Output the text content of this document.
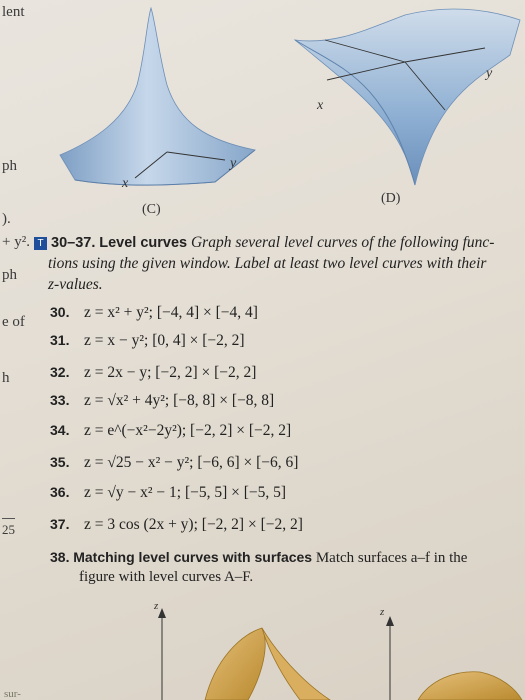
lent
ph
).
+ y².
ph
e of
h
25
sur-
y
x
(C)
y
x
(D)
T 30–37. Level curves Graph several level curves of the following func-
tions using the given window. Label at least two level curves with their
z-values.
30. z = x² + y²; [−4, 4] × [−4, 4]
31. z = x − y²; [0, 4] × [−2, 2]
32. z = 2x − y; [−2, 2] × [−2, 2]
33. z = √x² + 4y²; [−8, 8] × [−8, 8]
34. z = e^(−x²−2y²); [−2, 2] × [−2, 2]
35. z = √25 − x² − y²; [−6, 6] × [−6, 6]
36. z = √y − x² − 1; [−5, 5] × [−5, 5]
37. z = 3 cos (2x + y); [−2, 2] × [−2, 2]
38. Matching level curves with surfaces Match surfaces a–f in the
figure with level curves A–F.
z	z
